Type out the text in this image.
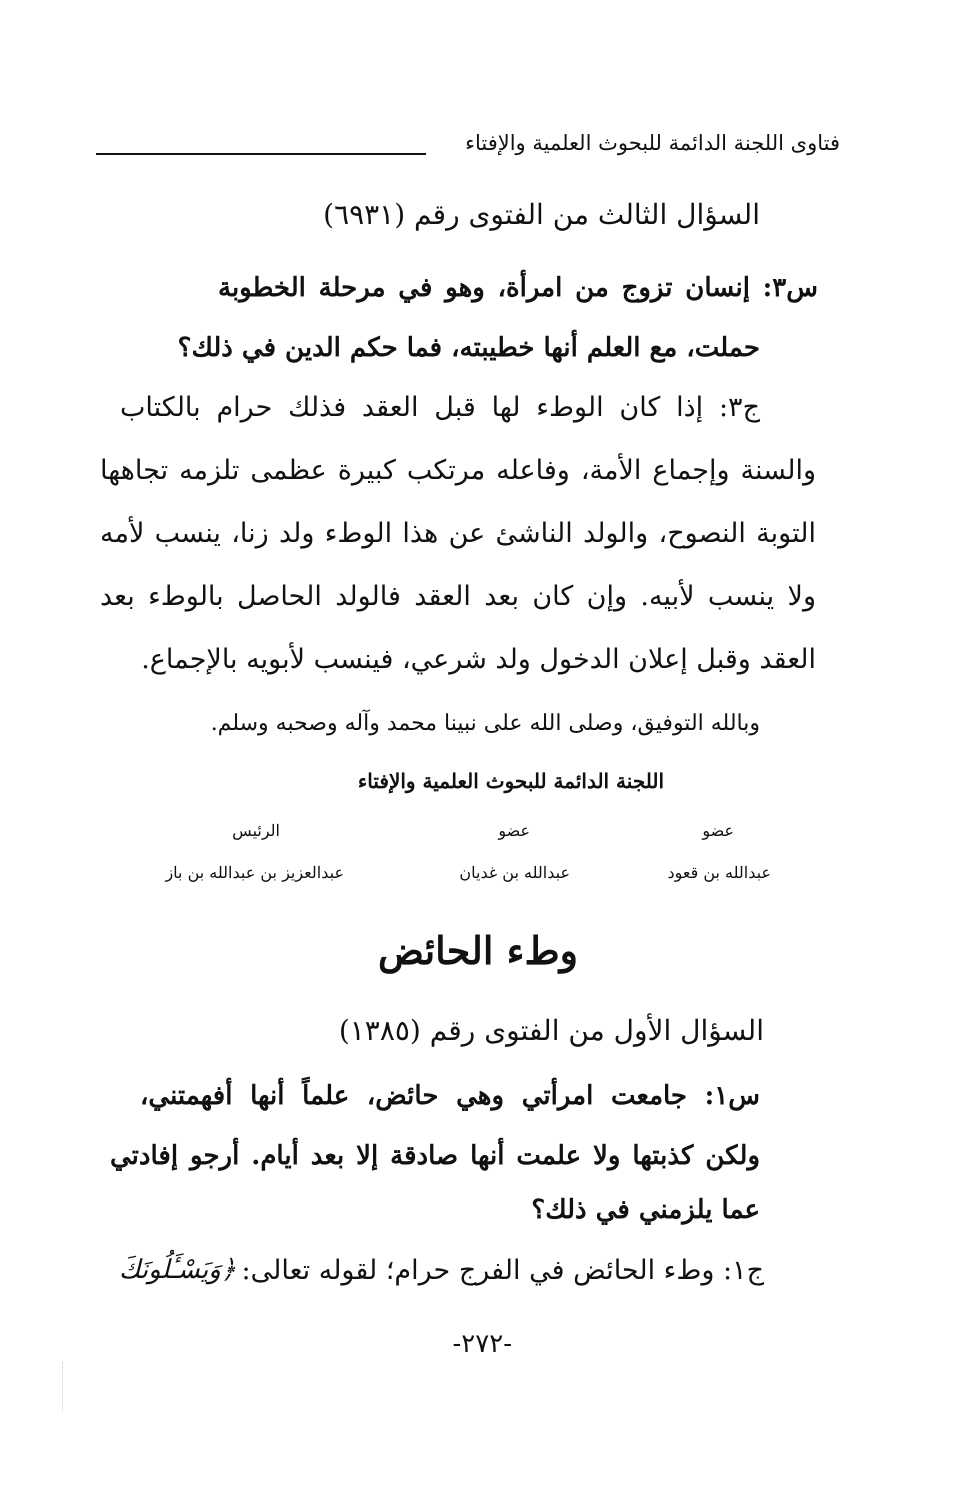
فتاوى اللجنة الدائمة للبحوث العلمية والإفتاء
السؤال الثالث من الفتوى رقم (٦٩٣١)
س٣: إنسان تزوج من امرأة، وهو في مرحلة الخطوبة
حملت، مع العلم أنها خطيبته، فما حكم الدين في ذلك؟
ج٣: إذا كان الوطء لها قبل العقد فذلك حرام بالكتاب
والسنة وإجماع الأمة، وفاعله مرتكب كبيرة عظمى تلزمه تجاهها
التوبة النصوح، والولد الناشئ عن هذا الوطء ولد زنا، ينسب لأمه
ولا ينسب لأبيه. وإن كان بعد العقد فالولد الحاصل بالوطء بعد
العقد وقبل إعلان الدخول ولد شرعي، فينسب لأبويه بالإجماع.
وبالله التوفيق، وصلى الله على نبينا محمد وآله وصحبه وسلم.
اللجنة الدائمة للبحوث العلمية والإفتاء
عضو
عضو
الرئيس
عبدالله بن قعود
عبدالله بن غديان
عبدالعزيز بن عبدالله بن باز
وطء الحائض
السؤال الأول من الفتوى رقم (١٣٨٥)
س١: جامعت امرأتي وهي حائض، علماً أنها أفهمتني،
ولكن كذبتها ولا علمت أنها صادقة إلا بعد أيام. أرجو إفادتي
عما يلزمني في ذلك؟
ج١: وطء الحائض في الفرج حرام؛ لقوله تعالى:
﴿وَيَسْـَٔلُونَكَ
-٢٧٢-
